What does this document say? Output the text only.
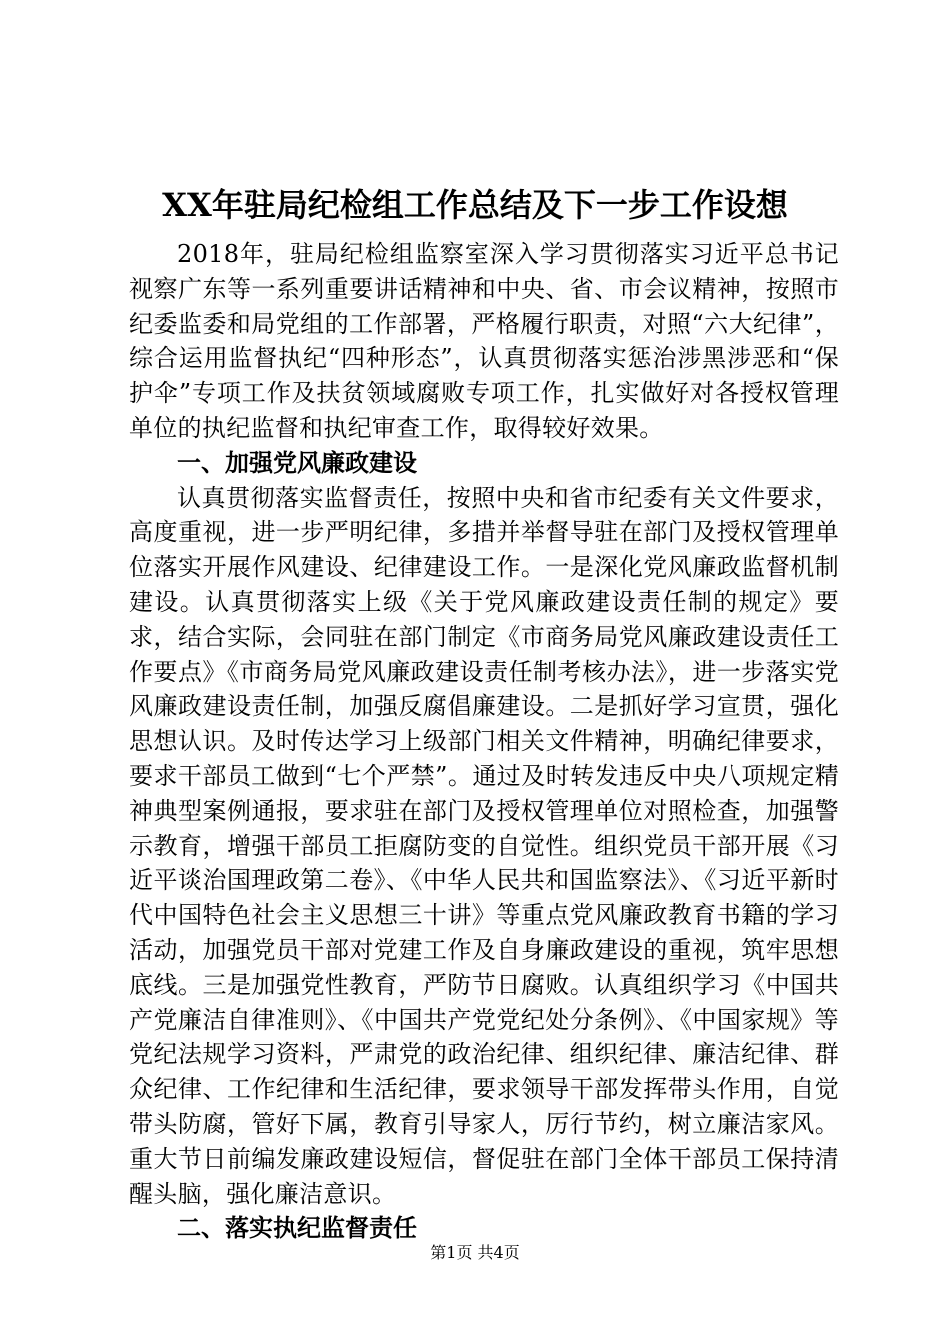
XX年驻局纪检组工作总结及下一步工作设想

2018年，驻局纪检组监察室深入学习贯彻落实习近平总书记视察广东等一系列重要讲话精神和中央、省、市会议精神，按照市纪委监委和局党组的工作部署，严格履行职责，对照“六大纪律”，综合运用监督执纪“四种形态”，认真贯彻落实惩治涉黑涉恶和“保护伞”专项工作及扶贫领域腐败专项工作，扎实做好对各授权管理单位的执纪监督和执纪审查工作，取得较好效果。

一、加强党风廉政建设

认真贯彻落实监督责任，按照中央和省市纪委有关文件要求，高度重视，进一步严明纪律，多措并举督导驻在部门及授权管理单位落实开展作风建设、纪律建设工作。一是深化党风廉政监督机制建设。认真贯彻落实上级《关于党风廉政建设责任制的规定》要求，结合实际，会同驻在部门制定《市商务局党风廉政建设责任工作要点》《市商务局党风廉政建设责任制考核办法》，进一步落实党风廉政建设责任制，加强反腐倡廉建设。二是抓好学习宣贯，强化思想认识。及时传达学习上级部门相关文件精神，明确纪律要求，要求干部员工做到“七个严禁”。通过及时转发违反中央八项规定精神典型案例通报，要求驻在部门及授权管理单位对照检查，加强警示教育，增强干部员工拒腐防变的自觉性。组织党员干部开展《习近平谈治国理政第二卷》、《中华人民共和国监察法》、《习近平新时代中国特色社会主义思想三十讲》等重点党风廉政教育书籍的学习活动，加强党员干部对党建工作及自身廉政建设的重视，筑牢思想底线。三是加强党性教育，严防节日腐败。认真组织学习《中国共产党廉洁自律准则》、《中国共产党党纪处分条例》、《中国家规》等党纪法规学习资料，严肃党的政治纪律、组织纪律、廉洁纪律、群众纪律、工作纪律和生活纪律，要求领导干部发挥带头作用，自觉带头防腐，管好下属，教育引导家人，厉行节约，树立廉洁家风。重大节日前编发廉政建设短信，督促驻在部门全体干部员工保持清醒头脑，强化廉洁意识。

二、落实执纪监督责任

第1页 共4页
